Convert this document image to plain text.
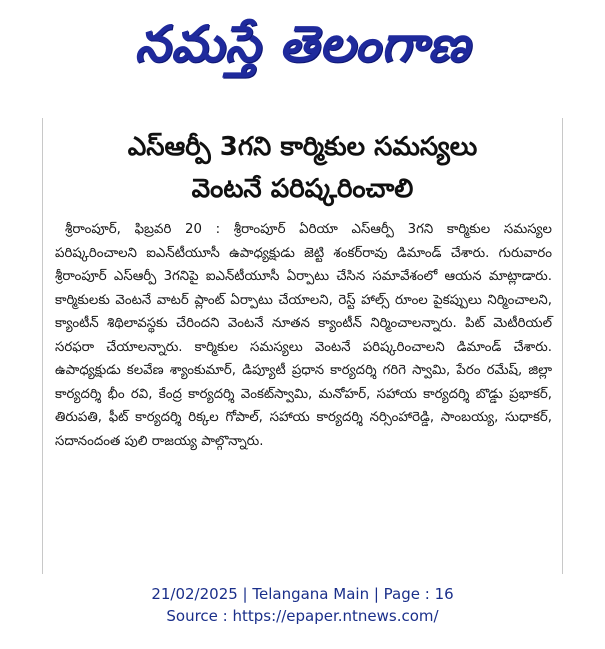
నమస్తే తెలంగాణ
ఎస్‌ఆర్పీ 3గని కార్మికుల సమస్యలు
వెంటనే పరిష్కరించాలి

శ్రీరాంపూర్, ఫిబ్రవరి 20 : శ్రీరాంపూర్ ఏరియా ఎస్‌ఆర్పీ 3గని కార్మికుల సమస్యల పరిష్కరించాలని ఐఎన్‌టీయూసీ ఉపాధ్యక్షుడు జెట్టి శంకర్‌రావు డిమాండ్ చేశారు. గురువారం శ్రీరాంపూర్ ఎస్‌ఆర్పీ 3గనిపై ఐఎన్‌టీయూసీ ఏర్పాటు చేసిన సమావేశంలో ఆయన మాట్లాడారు. కార్మికులకు వెంటనే వాటర్ ప్లాంట్ ఏర్పాటు చేయాలని, రెస్ట్ హాల్స్ రూంల పైకప్పులు నిర్మించాలని, క్యాంటీన్ శిథిలావస్థకు చేరిందని వెంటనే నూతన క్యాంటీన్ నిర్మించాలన్నారు. పిట్ మెటీరియల్ సరఫరా చేయాలన్నారు. కార్మికుల సమస్యలు వెంటనే పరిష్కరించాలని డిమాండ్ చేశారు. ఉపాధ్యక్షుడు కలవేణ శ్యాంకుమార్, డిప్యూటీ ప్రధాన కార్యదర్శి గరిగె స్వామి, పేరం రమేష్, జిల్లా కార్యదర్శి భీం రవి, కేంద్ర కార్యదర్శి వెంకట్‌స్వామి, మనోహర్, సహాయ కార్యదర్శి బొడ్డు ప్రభాకర్, తిరుపతి, ఫీట్ కార్యదర్శి రిక్కల గోపాల్, సహాయ కార్యదర్శి నర్సింహారెడ్డి, సాంబయ్య, సుధాకర్, సదానందంత పులి రాజయ్య పాల్గొన్నారు.

21/02/2025 | Telangana Main | Page : 16
Source : https://epaper.ntnews.com/
